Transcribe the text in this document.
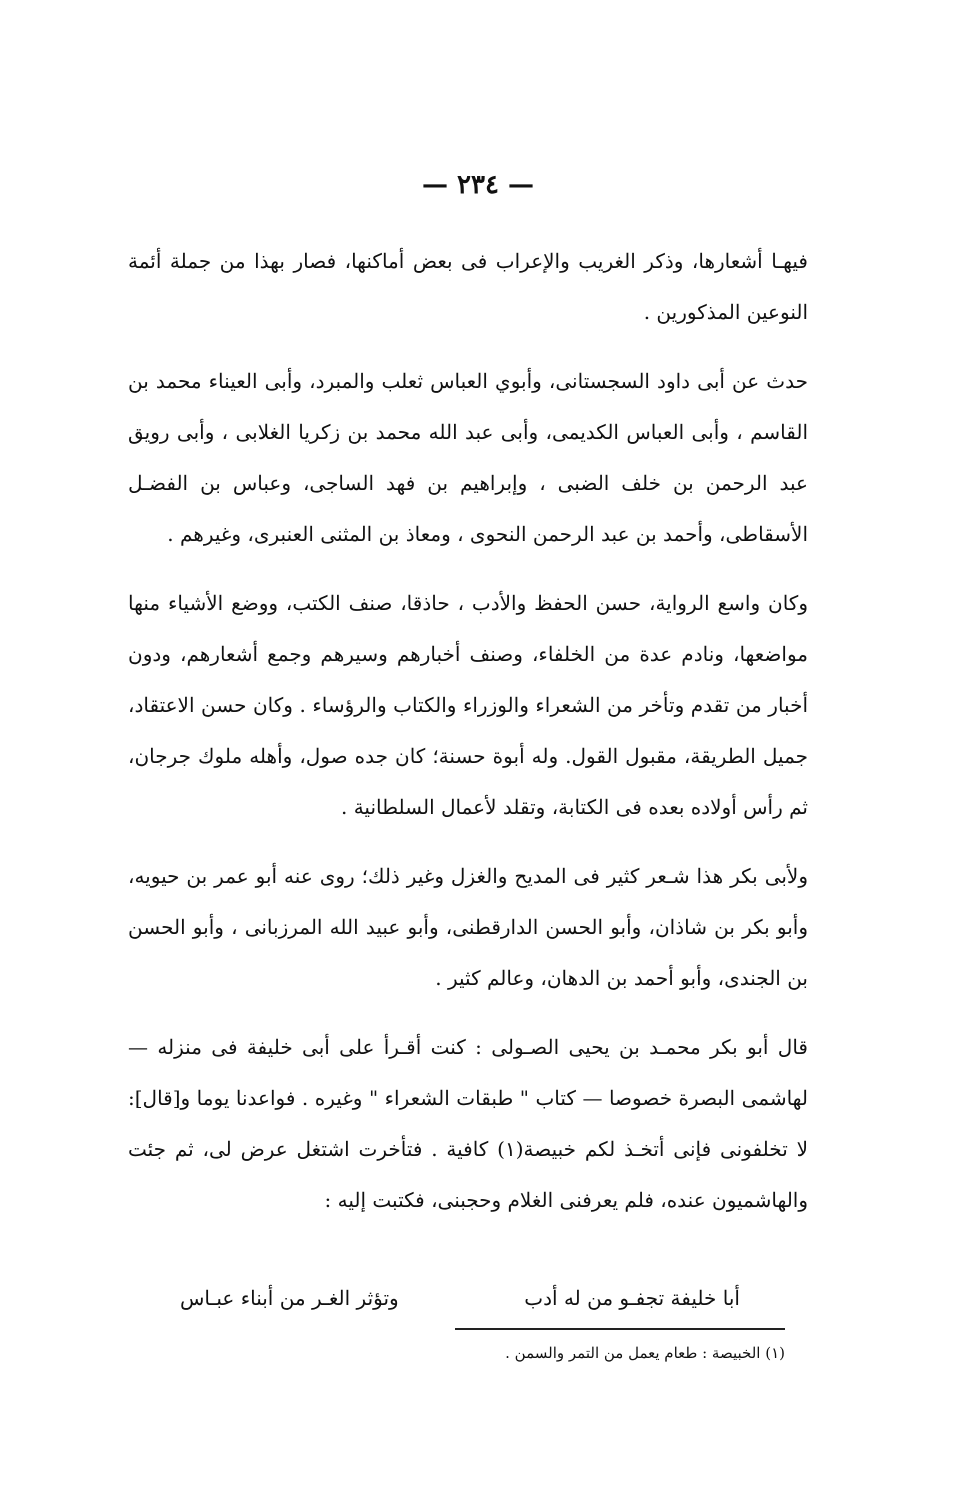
— ٢٣٤ —

فيهـا أشعارها، وذكر الغريب والإعراب فى بعض أماكنها، فصار بهذا من جملة أئمة النوعين المذكورين .

حدث عن أبى داود السجستانى، وأبوي العباس ثعلب والمبرد، وأبى العيناء محمد بن القاسم ، وأبى العباس الكديمى، وأبى عبد الله محمد بن زكريا الغلابى ، وأبى رويق عبد الرحمن بن خلف الضبى ، وإبراهيم بن فهد الساجى، وعباس بن الفضـل الأسقاطى، وأحمد بن عبد الرحمن النحوى ، ومعاذ بن المثنى العنبرى، وغيرهم .

وكان واسع الرواية، حسن الحفظ والأدب ، حاذقا، صنف الكتب، ووضع الأشياء منها مواضعها، ونادم عدة من الخلفاء، وصنف أخبارهم وسيرهم وجمع أشعارهم، ودون أخبار من تقدم وتأخر من الشعراء والوزراء والكتاب والرؤساء . وكان حسن الاعتقاد، جميل الطريقة، مقبول القول. وله أبوة حسنة؛ كان جده صول، وأهله ملوك جرجان، ثم رأس أولاده بعده فى الكتابة، وتقلد لأعمال السلطانية .

ولأبى بكر هذا شـعر كثير فى المديح والغزل وغير ذلك؛ روى عنه أبو عمر بن حيويه، وأبو بكر بن شاذان، وأبو الحسن الدارقطنى، وأبو عبيد الله المرزبانى ، وأبو الحسن بن الجندى، وأبو أحمد بن الدهان، وعالم كثير .

قال أبو بكر محمـد بن يحيى الصـولى : كنت أقـرأ على أبى خليفة فى منزله — لهاشمى البصرة خصوصا — كتاب " طبقات الشعراء " وغيره . فواعدنا يوما و[قال]: لا تخلفونى فإنى أتخـذ لكم خبيصة(١) كافية . فتأخرت اشتغل عرض لى، ثم جئت والهاشميون عنده، فلم يعرفنى الغلام وحجبنى، فكتبت إليه :

أبا خليفة تجفـو من له أدب
وتؤثر الغـر من أبناء عبـاس
(١) الخبيصة : طعام يعمل من التمر والسمن .
